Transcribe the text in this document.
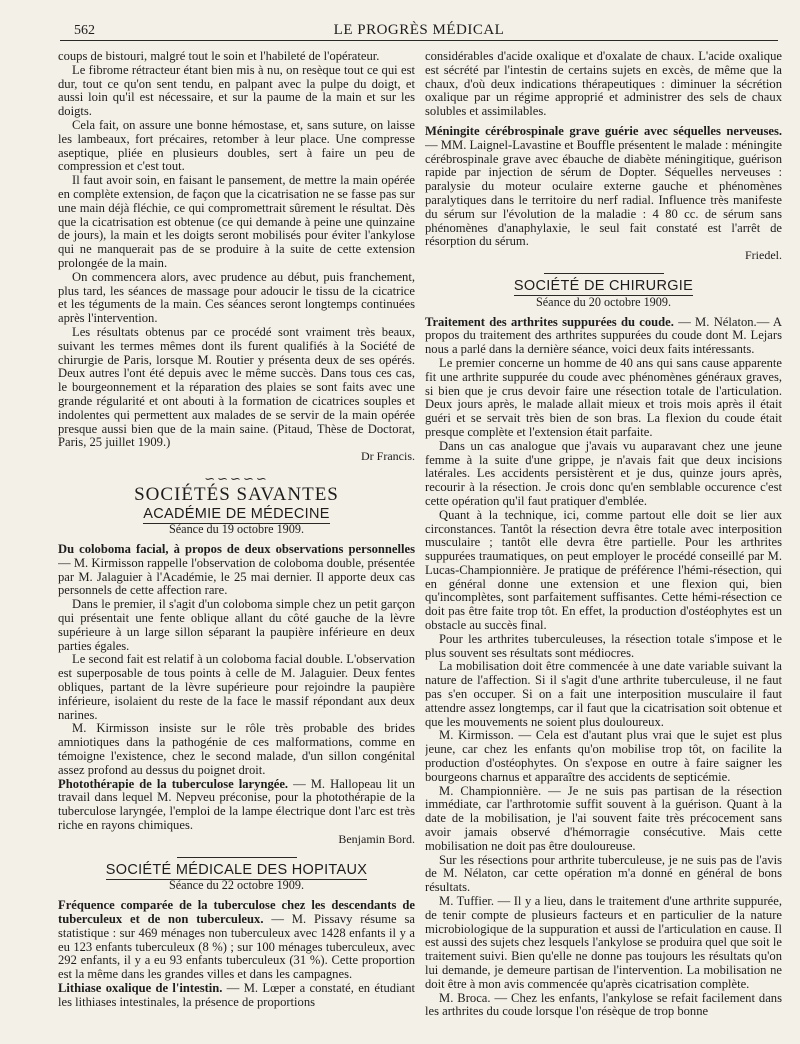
562	LE PROGRÈS MÉDICAL

coups de bistouri, malgré tout le soin et l'habileté de l'opérateur.

Le fibrome rétracteur étant bien mis à nu, on resèque tout ce qui est dur, tout ce qu'on sent tendu, en palpant avec la pulpe du doigt, et aussi loin qu'il est nécessaire, et sur la paume de la main et sur les doigts.

Cela fait, on assure une bonne hémostase, et, sans suture, on laisse les lambeaux, fort précaires, retomber à leur place. Une compresse aseptique, pliée en plusieurs doubles, sert à faire un peu de compression et c'est tout.

Il faut avoir soin, en faisant le pansement, de mettre la main opérée en complète extension, de façon que la cicatrisation ne se fasse pas sur une main déjà fléchie, ce qui compromettrait sûrement le résultat. Dès que la cicatrisation est obtenue (ce qui demande à peine une quinzaine de jours), la main et les doigts seront mobilisés pour éviter l'ankylose qui ne manquerait pas de se produire à la suite de cette extension prolongée de la main.

On commencera alors, avec prudence au début, puis franchement, plus tard, les séances de massage pour adoucir le tissu de la cicatrice et les téguments de la main. Ces séances seront longtemps continuées après l'intervention.

Les résultats obtenus par ce procédé sont vraiment très beaux, suivant les termes mêmes dont ils furent qualifiés à la Société de chirurgie de Paris, lorsque M. Routier y présenta deux de ses opérés. Deux autres l'ont été depuis avec le même succès. Dans tous ces cas, le bourgeonnement et la réparation des plaies se sont faits avec une grande régularité et ont abouti à la formation de cicatrices souples et indolentes qui permettent aux malades de se servir de la main opérée presque aussi bien que de la main saine. (Pitaud, Thèse de Doctorat, Paris, 25 juillet 1909.)

Dr Francis.
∽∽∽∽∽
SOCIÉTÉS SAVANTES
ACADÉMIE DE MÉDECINE
Séance du 19 octobre 1909.

Du coloboma facial, à propos de deux observations personnelles — M. Kirmisson rappelle l'observation de coloboma double, présentée par M. Jalaguier à l'Académie, le 25 mai dernier. Il apporte deux cas personnels de cette affection rare.

Dans le premier, il s'agit d'un coloboma simple chez un petit garçon qui présentait une fente oblique allant du côté gauche de la lèvre supérieure à un large sillon séparant la paupière inférieure en deux parties égales.

Le second fait est relatif à un coloboma facial double. L'observation est superposable de tous points à celle de M. Jalaguier. Deux fentes obliques, partant de la lèvre supérieure pour rejoindre la paupière inférieure, isolaient du reste de la face le massif répondant aux deux narines.

M. Kirmisson insiste sur le rôle très probable des brides amniotiques dans la pathogénie de ces malformations, comme en témoigne l'existence, chez le second malade, d'un sillon congénital assez profond au dessus du poignet droit.

Photothérapie de la tuberculose laryngée. — M. Hallopeau lit un travail dans lequel M. Nepveu préconise, pour la photothérapie de la tuberculose laryngée, l'emploi de la lampe électrique dont l'arc est très riche en rayons chimiques.

Benjamin Bord.
SOCIÉTÉ MÉDICALE DES HOPITAUX
Séance du 22 octobre 1909.

Fréquence comparée de la tuberculose chez les descendants de tuberculeux et de non tuberculeux. — M. Pissavy résume sa statistique : sur 469 ménages non tuberculeux avec 1428 enfants il y a eu 123 enfants tuberculeux (8 %) ; sur 100 ménages tuberculeux, avec 292 enfants, il y a eu 93 enfants tuberculeux (31 %). Cette proportion est la même dans les grandes villes et dans les campagnes.

Lithiase oxalique de l'intestin. — M. Lœper a constaté, en étudiant les lithiases intestinales, la présence de proportions

considérables d'acide oxalique et d'oxalate de chaux. L'acide oxalique est sécrété par l'intestin de certains sujets en excès, de même que la chaux, d'où deux indications thérapeutiques : diminuer la sécrétion oxalique par un régime approprié et administrer des sels de chaux solubles et assimilables.

Méningite cérébrospinale grave guérie avec séquelles nerveuses. — MM. Laignel-Lavastine et Bouffle présentent le malade : méningite cérébrospinale grave avec ébauche de diabète méningitique, guérison rapide par injection de sérum de Dopter. Séquelles nerveuses : paralysie du moteur oculaire externe gauche et phénomènes paralytiques dans le territoire du nerf radial. Influence très manifeste du sérum sur l'évolution de la maladie : 4 80 cc. de sérum sans phénomènes d'anaphylaxie, le seul fait constaté est l'arrêt de résorption du sérum.

Friedel.
SOCIÉTÉ DE CHIRURGIE
Séance du 20 octobre 1909.

Traitement des arthrites suppurées du coude. — M. Nélaton.— A propos du traitement des arthrites suppurées du coude dont M. Lejars nous a parlé dans la dernière séance, voici deux faits intéressants.

Le premier concerne un homme de 40 ans qui sans cause apparente fit une arthrite suppurée du coude avec phénomènes généraux graves, si bien que je crus devoir faire une résection totale de l'articulation. Deux jours après, le malade allait mieux et trois mois après il était guéri et se servait très bien de son bras. La flexion du coude était presque complète et l'extension était parfaite.

Dans un cas analogue que j'avais vu auparavant chez une jeune femme à la suite d'une grippe, je n'avais fait que deux incisions latérales. Les accidents persistèrent et je dus, quinze jours après, recourir à la résection. Je crois donc qu'en semblable occurence c'est cette opération qu'il faut pratiquer d'emblée.

Quant à la technique, ici, comme partout elle doit se lier aux circonstances. Tantôt la résection devra être totale avec interposition musculaire ; tantôt elle devra être partielle. Pour les arthrites suppurées traumatiques, on peut employer le procédé conseillé par M. Lucas-Championnière. Je pratique de préférence l'hémi-résection, qui en général donne une extension et une flexion qui, bien qu'incomplètes, sont parfaitement suffisantes. Cette hémi-résection ce doit pas être faite trop tôt. En effet, la production d'ostéophytes est un obstacle au succès final.

Pour les arthrites tuberculeuses, la résection totale s'impose et le plus souvent ses résultats sont médiocres.

La mobilisation doit être commencée à une date variable suivant la nature de l'affection. Si il s'agit d'une arthrite tuberculeuse, il ne faut pas s'en occuper. Si on a fait une interposition musculaire il faut attendre assez longtemps, car il faut que la cicatrisation soit obtenue et que les mouvements ne soient plus douloureux.

M. Kirmisson. — Cela est d'autant plus vrai que le sujet est plus jeune, car chez les enfants qu'on mobilise trop tôt, on facilite la production d'ostéophytes. On s'expose en outre à faire saigner les bourgeons charnus et apparaître des accidents de septicémie.

M. Championnière. — Je ne suis pas partisan de la résection immédiate, car l'arthrotomie suffit souvent à la guérison. Quant à la date de la mobilisation, je l'ai souvent faite très précocement sans avoir jamais observé d'hémorragie consécutive. Mais cette mobilisation ne doit pas être douloureuse.

Sur les résections pour arthrite tuberculeuse, je ne suis pas de l'avis de M. Nélaton, car cette opération m'a donné en général de bons résultats.

M. Tuffier. — Il y a lieu, dans le traitement d'une arthrite suppurée, de tenir compte de plusieurs facteurs et en particulier de la nature microbiologique de la suppuration et aussi de l'articulation en cause. Il est aussi des sujets chez lesquels l'ankylose se produira quel que soit le traitement suivi. Bien qu'elle ne donne pas toujours les résultats qu'on lui demande, je demeure partisan de l'intervention. La mobilisation ne doit être à mon avis commencée qu'après cicatrisation complète.

M. Broca. — Chez les enfants, l'ankylose se refait facilement dans les arthrites du coude lorsque l'on résèque de trop bonne
